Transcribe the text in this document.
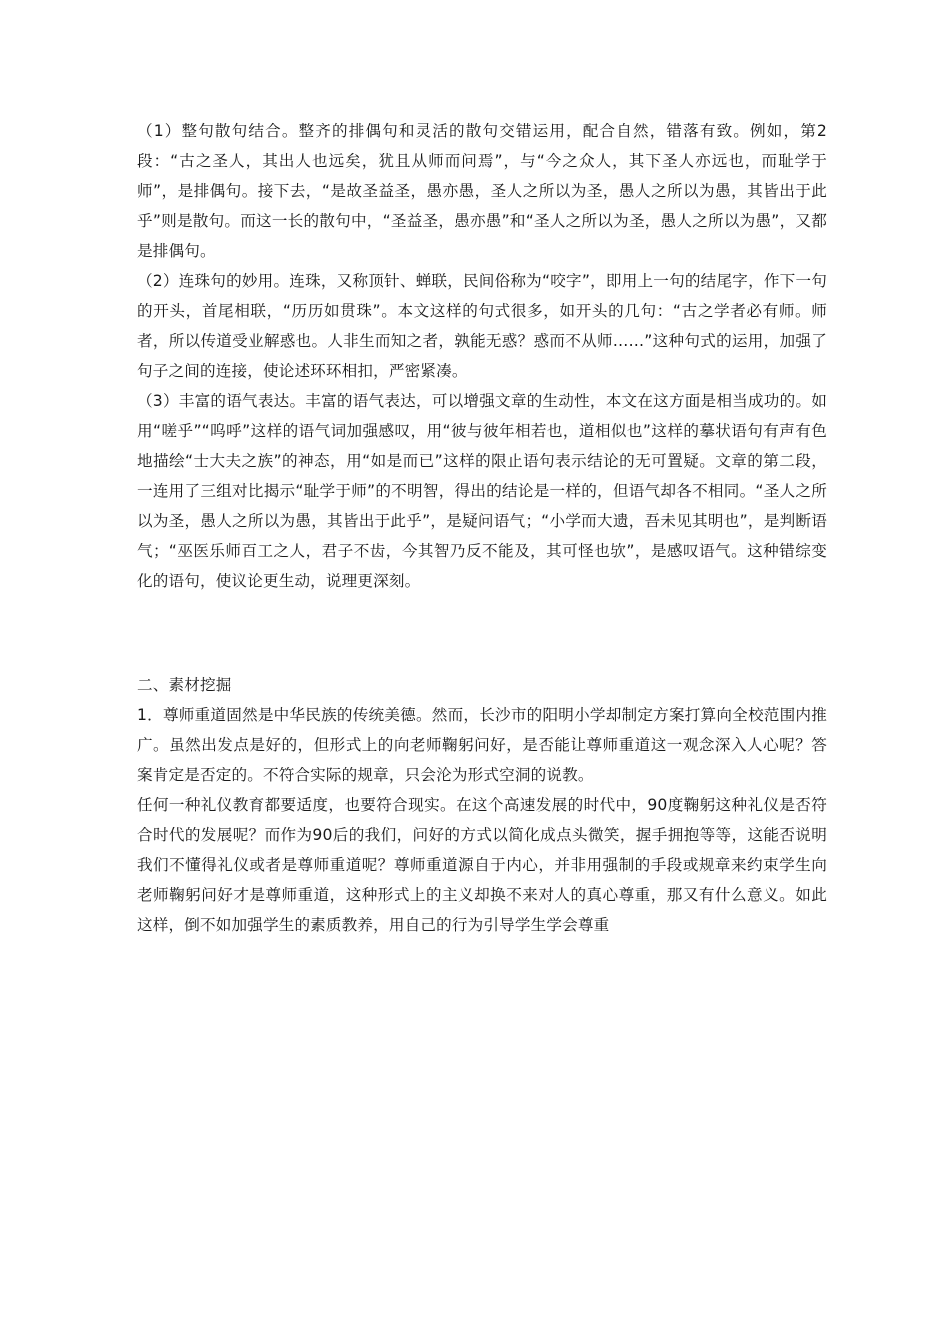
（1）整句散句结合。整齐的排偶句和灵活的散句交错运用，配合自然，错落有致。例如，第2段：“古之圣人，其出人也远矣，犹且从师而问焉”，与“今之众人，其下圣人亦远也，而耻学于师”，是排偶句。接下去，“是故圣益圣，愚亦愚，圣人之所以为圣，愚人之所以为愚，其皆出于此乎”则是散句。而这一长的散句中，“圣益圣，愚亦愚”和“圣人之所以为圣，愚人之所以为愚”，又都是排偶句。

（2）连珠句的妙用。连珠，又称顶针、蝉联，民间俗称为“咬字”，即用上一句的结尾字，作下一句的开头，首尾相联，“历历如贯珠”。本文这样的句式很多，如开头的几句：“古之学者必有师。师者，所以传道受业解惑也。人非生而知之者，孰能无惑？惑而不从师……”这种句式的运用，加强了句子之间的连接，使论述环环相扣，严密紧凑。

（3）丰富的语气表达。丰富的语气表达，可以增强文章的生动性，本文在这方面是相当成功的。如用“嗟乎”“呜呼”这样的语气词加强感叹，用“彼与彼年相若也，道相似也”这样的摹状语句有声有色地描绘“士大夫之族”的神态，用“如是而已”这样的限止语句表示结论的无可置疑。文章的第二段，一连用了三组对比揭示“耻学于师”的不明智，得出的结论是一样的，但语气却各不相同。“圣人之所以为圣，愚人之所以为愚，其皆出于此乎”，是疑问语气；“小学而大遗，吾未见其明也”，是判断语气；“巫医乐师百工之人，君子不齿，今其智乃反不能及，其可怪也欤”，是感叹语气。这种错综变化的语句，使议论更生动，说理更深刻。

二、素材挖掘

1．尊师重道固然是中华民族的传统美德。然而，长沙市的阳明小学却制定方案打算向全校范围内推广。虽然出发点是好的，但形式上的向老师鞠躬问好，是否能让尊师重道这一观念深入人心呢？答案肯定是否定的。不符合实际的规章，只会沦为形式空洞的说教。

任何一种礼仪教育都要适度，也要符合现实。在这个高速发展的时代中，90度鞠躬这种礼仪是否符合时代的发展呢？而作为90后的我们，问好的方式以简化成点头微笑，握手拥抱等等，这能否说明我们不懂得礼仪或者是尊师重道呢？尊师重道源自于内心，并非用强制的手段或规章来约束学生向老师鞠躬问好才是尊师重道，这种形式上的主义却换不来对人的真心尊重，那又有什么意义。如此这样，倒不如加强学生的素质教养，用自己的行为引导学生学会尊重
